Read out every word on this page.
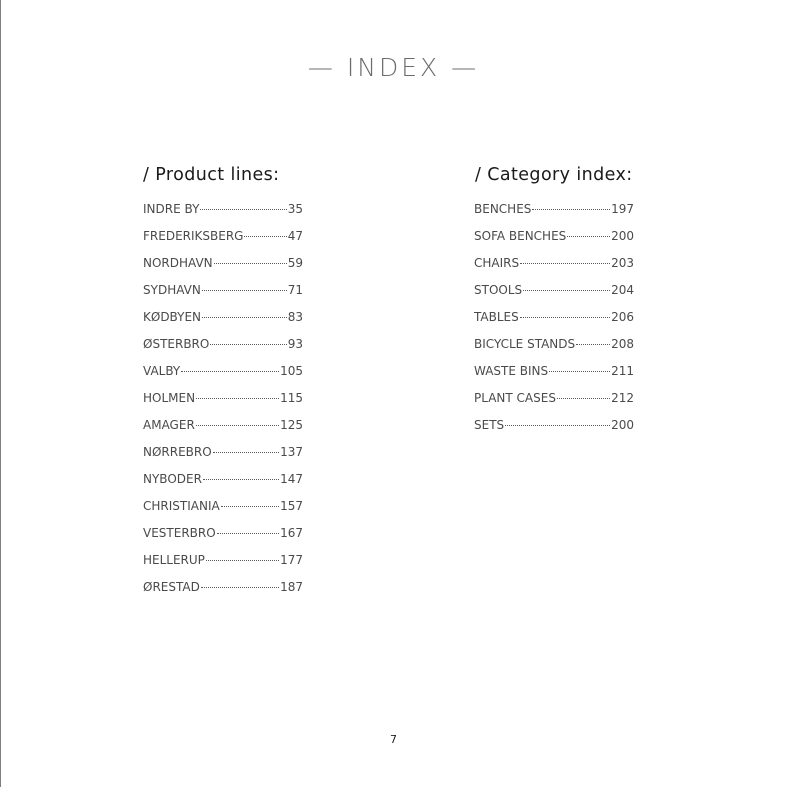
— INDEX —
/ Product lines:
INDRE BY	35
FREDERIKSBERG	47
NORDHAVN	59
SYDHAVN	71
KØDBYEN	83
ØSTERBRO	93
VALBY	105
HOLMEN	115
AMAGER	125
NØRREBRO	137
NYBODER	147
CHRISTIANIA	157
VESTERBRO	167
HELLERUP	177
ØRESTAD	187
/ Category index:
BENCHES	197
SOFA BENCHES	200
CHAIRS	203
STOOLS	204
TABLES	206
BICYCLE STANDS	208
WASTE BINS	211
PLANT CASES	212
SETS	200
7
